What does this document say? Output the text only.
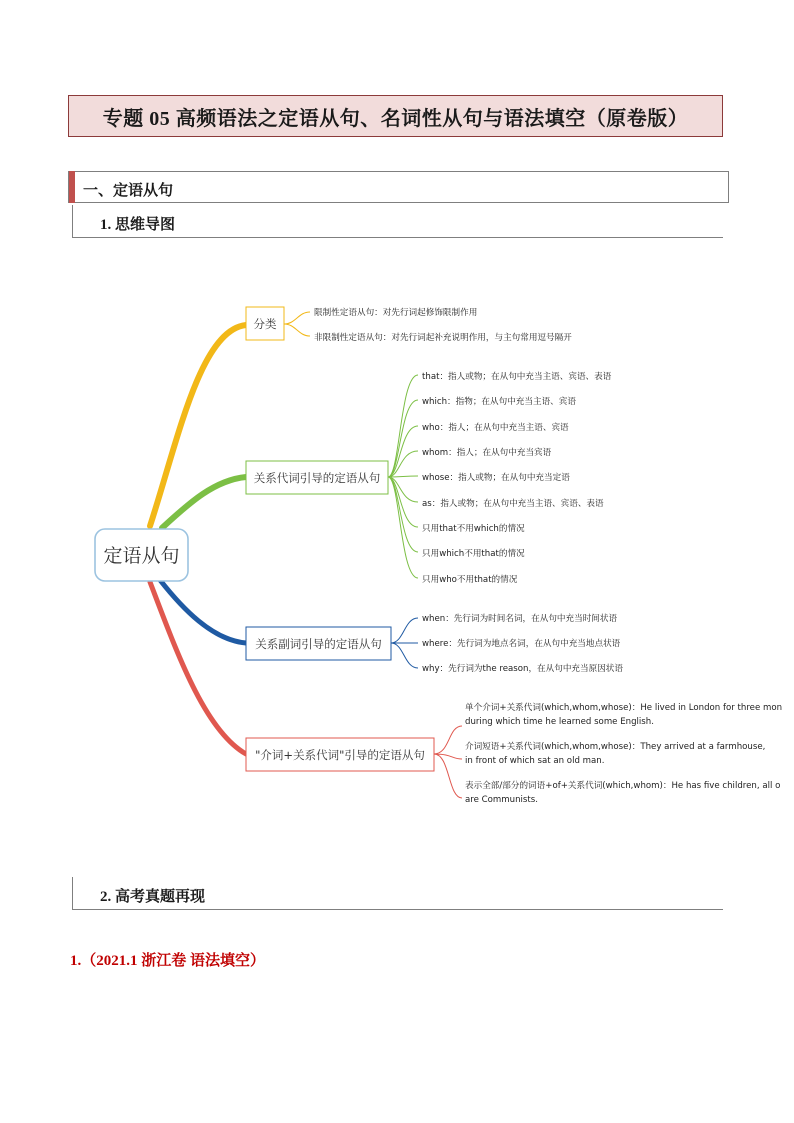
专题 05 高频语法之定语从句、名词性从句与语法填空（原卷版）
一、定语从句
1. 思维导图
定语从句
分类
限制性定语从句：对先行词起修饰限制作用
非限制性定语从句：对先行词起补充说明作用，与主句常用逗号隔开
关系代词引导的定语从句
that：指人或物；在从句中充当主语、宾语、表语
which：指物；在从句中充当主语、宾语
who：指人；在从句中充当主语、宾语
whom：指人；在从句中充当宾语
whose：指人或物；在从句中充当定语
as：指人或物；在从句中充当主语、宾语、表语
只用that不用which的情况
只用which不用that的情况
只用who不用that的情况
关系副词引导的定语从句
when：先行词为时间名词，在从句中充当时间状语
where：先行词为地点名词，在从句中充当地点状语
why：先行词为the reason，在从句中充当原因状语
"介词+关系代词"引导的定语从句
单个介词+关系代词(which,whom,whose)：He lived in London for three mon
during which time he learned some English.
介词短语+关系代词(which,whom,whose)：They arrived at a farmhouse,
in front of which sat an old man.
表示全部/部分的词语+of+关系代词(which,whom)：He has five children, all o
are Communists.
2. 高考真题再现
1.（2021.1 浙江卷 语法填空）
